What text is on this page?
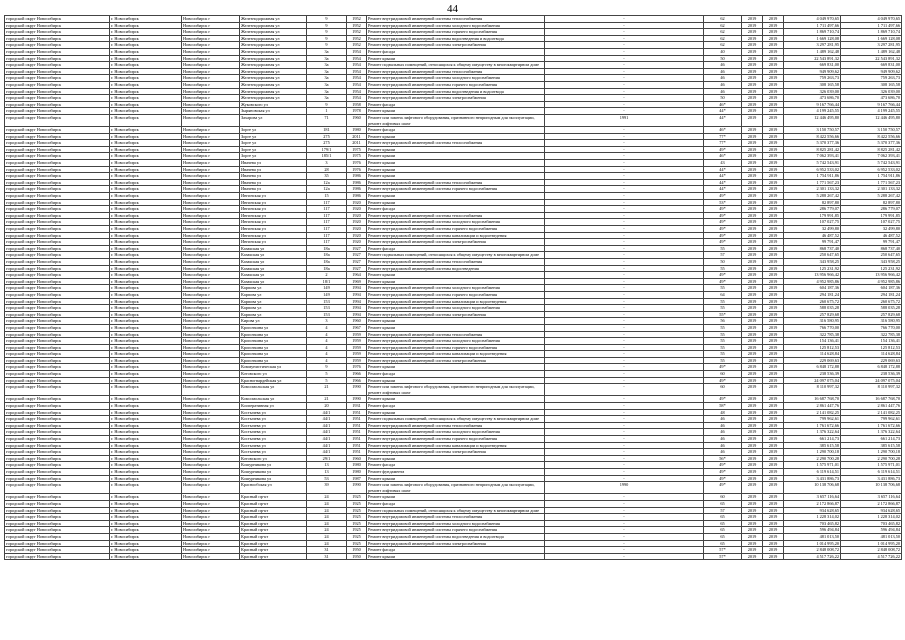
44
городской округ Новосибирск	г. Новосибирск	Новосибирск г	Железнодорожная ул	9	1952	Ремонт внутридомовой инженерной системы теплоснабжения	-	62	2019	2019	4 049 970,65	4 049 970,65
городской округ Новосибирск	г. Новосибирск	Новосибирск г	Железнодорожная ул	9	1952	Ремонт внутридомовой инженерной системы холодного водоснабжения	-	62	2019	2019	1 711 497,66	1 711 497,66
городской округ Новосибирск	г. Новосибирск	Новосибирск г	Железнодорожная ул	9	1952	Ремонт внутридомовой инженерной системы горячего водоснабжения	-	62	2019	2019	1 869 710,74	1 869 710,74
городской округ Новосибирск	г. Новосибирск	Новосибирск г	Железнодорожная ул	9	1952	Ремонт внутридомовой инженерной системы водоотведения и водоотвода	-	62	2019	2019	1 669 128,08	1 669 128,08
городской округ Новосибирск	г. Новосибирск	Новосибирск г	Железнодорожная ул	9	1952	Ремонт внутридомовой инженерной системы электроснабжения	-	62	2019	2019	3 297 281,95	3 297 281,95
городской округ Новосибирск	г. Новосибирск	Новосибирск г	Железнодорожная ул	3а	1954	Ремонт фасада	-	40	2019	2019	1 489 162,48	1 489 162,48
городской округ Новосибирск	г. Новосибирск	Новосибирск г	Железнодорожная ул	3а	1954	Ремонт крыши	-	50	2019	2019	22 543 891,32	22 543 891,32
городской округ Новосибирск	г. Новосибирск	Новосибирск г	Железнодорожная ул	3а	1954	Ремонт подвальных помещений, относящихся к общему имуществу в многоквартирном доме	-	46	2019	2019	669 831,00	669 831,00
городской округ Новосибирск	г. Новосибирск	Новосибирск г	Железнодорожная ул	3а	1954	Ремонт внутридомовой инженерной системы теплоснабжения	-	46	2019	2019	949 909,62	949 909,62
городской округ Новосибирск	г. Новосибирск	Новосибирск г	Железнодорожная ул	3а	1954	Ремонт внутридомовой инженерной системы холодного водоснабжения	-	46	2019	2019	759 263,73	759 263,73
городской округ Новосибирск	г. Новосибирск	Новосибирск г	Железнодорожная ул	3а	1954	Ремонт внутридомовой инженерной системы горячего водоснабжения	-	46	2019	2019	308 165,58	308 165,58
городской округ Новосибирск	г. Новосибирск	Новосибирск г	Железнодорожная ул	3а	1954	Ремонт внутридомовой инженерной системы водоотведения и водоотвода	-	46	2019	2019	326 039,00	326 039,00
городской округ Новосибирск	г. Новосибирск	Новосибирск г	Железнодорожная ул	3а	1954	Ремонт внутридомовой инженерной системы электроснабжения	-	50	2019	2019	473 686,70	473 686,70
городской округ Новосибирск	г. Новосибирск	Новосибирск г	Жуковского ул	9	1958	Ремонт фасада	-	46*	2019	2019	9 167 766,44	9 167 766,44
городской округ Новосибирск	г. Новосибирск	Новосибирск г	Зыряновская ул	1	1978	Ремонт крыши	-	44*	2019	2019	4 199 245,55	4 199 245,55
городской округ Новосибирск	г. Новосибирск	Новосибирск г	Захарова ул	71	1960	Ремонт или замена лифтового оборудования, признанного непригодным для эксплуатации, ремонт лифтовых шахт	1991	44*	2019	2019	12 446 495,80	12 446 495,80
городской округ Новосибирск	г. Новосибирск	Новосибирск г	Зорге ул	181	1980	Ремонт фасада	-	46*	2019	2019	3 150 750,57	3 150 750,57
городской округ Новосибирск	г. Новосибирск	Новосибирск г	Зорге ул	275	2011	Ремонт крыши	-	77*	2019	2019	8 422 556,66	8 422 556,66
городской округ Новосибирск	г. Новосибирск	Новосибирск г	Зорге ул	275	2011	Ремонт внутридомовой инженерной системы теплоснабжения	-	77*	2019	2019	5 370 377,36	5 370 377,36
городской округ Новосибирск	г. Новосибирск	Новосибирск г	Зорге ул	179/1	1975	Ремонт крыши	-	49*	2019	2019	8 825 281,42	8 825 281,42
городской округ Новосибирск	г. Новосибирск	Новосибирск г	Зорге ул	185/1	1975	Ремонт крыши	-	46*	2019	2019	7 062 393,41	7 062 393,41
городской округ Новосибирск	г. Новосибирск	Новосибирск г	Ивачева ул	3	1976	Ремонт крыши	-	43	2019	2019	5 742 543,91	5 742 543,91
городской округ Новосибирск	г. Новосибирск	Новосибирск г	Ивачева ул	28	1976	Ремонт крыши	-	44*	2019	2019	6 952 533,02	6 952 533,02
городской округ Новосибирск	г. Новосибирск	Новосибирск г	Ивачева ул	35	1986	Ремонт крыши	-	44*	2019	2019	1 754 911,86	1 754 911,86
городской округ Новосибирск	г. Новосибирск	Новосибирск г	Ивачева ул	12а	1986	Ремонт внутридомовой инженерной системы теплоснабжения	-	44*	2019	2019	1 771 567,23	1 771 567,23
городской округ Новосибирск	г. Новосибирск	Новосибирск г	Ивачева ул	12а	1986	Ремонт внутридомовой инженерной системы горячего водоснабжения	-	44*	2019	2019	2 301 133,32	2 301 133,32
городской округ Новосибирск	г. Новосибирск	Новосибирск г	Ингинская ул	15	1986	Ремонт крыши	-	49*	2019	2019	5 288 267,42	5 288 267,42
городской округ Новосибирск	г. Новосибирск	Новосибирск г	Ингинская ул	117	1920	Ремонт крыши	-	53*	2019	2019	82 897,80	82 897,80
городской округ Новосибирск	г. Новосибирск	Новосибирск г	Ингинская ул	117	1920	Ремонт фасада	-	49*	2019	2019	286 779,07	286 779,07
городской округ Новосибирск	г. Новосибирск	Новосибирск г	Ингинская ул	117	1920	Ремонт внутридомовой инженерной системы теплоснабжения	-	49*	2019	2019	179 991,85	179 991,85
городской округ Новосибирск	г. Новосибирск	Новосибирск г	Ингинская ул	117	1920	Ремонт внутридомовой инженерной системы холодного водоснабжения	-	49*	2019	2019	107 027,75	107 027,75
городской округ Новосибирск	г. Новосибирск	Новосибирск г	Ингинская ул	117	1920	Ремонт внутридомовой инженерной системы горячего водоснабжения	-	49*	2019	2019	32 499,80	32 499,80
городской округ Новосибирск	г. Новосибирск	Новосибирск г	Ингинская ул	117	1920	Ремонт внутридомовой инженерной системы канализации и водоотведения	-	49*	2019	2019	46 487,52	46 487,52
городской округ Новосибирск	г. Новосибирск	Новосибирск г	Ингинская ул	117	1920	Ремонт внутридомовой инженерной системы электроснабжения	-	49*	2019	2019	99 791,47	99 791,47
городской округ Новосибирск	г. Новосибирск	Новосибирск г	Казакская ул	18а	1927	Ремонт фасада	-	55	2019	2019	868 737,40	868 737,40
городской округ Новосибирск	г. Новосибирск	Новосибирск г	Казакская ул	18а	1927	Ремонт подвальных помещений, относящихся к общему имуществу в многоквартирном доме	-	57	2019	2019	250 647,65	250 647,65
городской округ Новосибирск	г. Новосибирск	Новосибирск г	Казакская ул	18а	1927	Ремонт внутридомовой инженерной системы теплоснабжения	-	50	2019	2019	343 958,25	343 958,25
городской округ Новосибирск	г. Новосибирск	Новосибирск г	Казакская ул	18а	1927	Ремонт внутридомовой инженерной системы водоотведения	-	55	2019	2019	125 231,92	125 231,92
городской округ Новосибирск	г. Новосибирск	Новосибирск г	Казакская ул	2	1964	Ремонт крыши	-	49*	2019	2019	13 956 966,42	13 956 966,42
городской округ Новосибирск	г. Новосибирск	Новосибирск г	Казакская ул	18/1	1969	Ремонт крыши	-	49*	2019	2019	4 952 985,86	4 952 985,86
городской округ Новосибирск	г. Новосибирск	Новосибирск г	Карпова ул	149	1994	Ремонт внутридомовой инженерной системы холодного водоснабжения	-	55	2019	2019	604 187,36	604 187,36
городской округ Новосибирск	г. Новосибирск	Новосибирск г	Карпова ул	149	1994	Ремонт внутридомовой инженерной системы горячего водоснабжения	-	64	2019	2019	294 181,24	294 181,24
городской округ Новосибирск	г. Новосибирск	Новосибирск г	Карпова ул	153	1994	Ремонт внутридомовой инженерной системы канализации и водоотведения	-	55	2019	2019	260 675,72	260 675,72
городской округ Новосибирск	г. Новосибирск	Новосибирск г	Карпова ул	153	1994	Ремонт внутридомовой инженерной системы холодного водоснабжения	-	55	2019	2019	588 035,28	588 035,28
городской округ Новосибирск	г. Новосибирск	Новосибирск г	Карпова ул	153	1994	Ремонт внутридомовой инженерной системы электроснабжения	-	55*	2019	2019	257 829,68	257 829,68
городской округ Новосибирск	г. Новосибирск	Новосибирск г	Кирова ул	3	1960	Ремонт крыши	-	56	2019	2019	316 580,95	316 580,95
городской округ Новосибирск	г. Новосибирск	Новосибирск г	Кропоткина ул	4	1967	Ремонт крыши	-	55	2019	2019	766 770,00	766 770,00
городской округ Новосибирск	г. Новосибирск	Новосибирск г	Кропоткина ул	4	1959	Ремонт внутридомовой инженерной системы теплоснабжения	-	55	2019	2019	322 785,38	322 785,38
городской округ Новосибирск	г. Новосибирск	Новосибирск г	Кропоткина ул	4	1959	Ремонт внутридомовой инженерной системы холодного водоснабжения	-	55	2019	2019	154 136,41	154 136,41
городской округ Новосибирск	г. Новосибирск	Новосибирск г	Кропоткина ул	4	1959	Ремонт внутридомовой инженерной системы горячего водоснабжения	-	55	2019	2019	125 812,53	125 812,53
городской округ Новосибирск	г. Новосибирск	Новосибирск г	Кропоткина ул	4	1959	Ремонт внутридомовой инженерной системы канализации и водоотведения	-	55	2019	2019	114 628,84	114 628,84
городской округ Новосибирск	г. Новосибирск	Новосибирск г	Кропоткина ул	4	1959	Ремонт внутридомовой инженерной системы электроснабжения	-	55	2019	2019	229 069,63	229 069,63
городской округ Новосибирск	г. Новосибирск	Новосибирск г	Коммунистическая ул	9	1976	Ремонт крыши	-	49*	2019	2019	6 848 172,88	6 848 172,88
городской округ Новосибирск	г. Новосибирск	Новосибирск г	Котовского ул	5	1966	Ремонт фасада	-	60	2019	2019	238 536,39	238 536,39
городской округ Новосибирск	г. Новосибирск	Новосибирск г	Красногвардейская ул	5	1966	Ремонт крыши	-	49*	2019	2019	24 097 075,04	24 097 075,04
городской округ Новосибирск	г. Новосибирск	Новосибирск г	Комсомольская ул	21	1990	Ремонт или замена лифтового оборудования, признанного непригодным для эксплуатации, ремонт лифтовых шахт	-	60	2019	2019	8 110 997,32	8 110 997,32
городской округ Новосибирск	г. Новосибирск	Новосибирск г	Комсомольская ул	21	1990	Ремонт крыши	-	49*	2019	2019	16 687 768,70	16 687 768,70
городской округ Новосибирск	г. Новосибирск	Новосибирск г	Кооперативная ул	20	1931	Ремонт фасада	-	58*	2019	2019	2 861 447,76	2 861 447,76
городской округ Новосибирск	г. Новосибирск	Новосибирск г	Костычева ул	44/1	1951	Ремонт крыши	-	48	2019	2019	2 141 082,25	2 141 082,25
городской округ Новосибирск	г. Новосибирск	Новосибирск г	Костычева ул	44/1	1951	Ремонт подвальных помещений, относящихся к общему имуществу в многоквартирном доме	-	46	2019	2019	799 962,61	799 962,61
городской округ Новосибирск	г. Новосибирск	Новосибирск г	Костычева ул	44/1	1951	Ремонт внутридомовой инженерной системы теплоснабжения	-	46	2019	2019	1 761 672,66	1 761 672,66
городской округ Новосибирск	г. Новосибирск	Новосибирск г	Костычева ул	44/1	1951	Ремонт внутридомовой инженерной системы холодного водоснабжения	-	46	2019	2019	1 376 322,64	1 376 322,64
городской округ Новосибирск	г. Новосибирск	Новосибирск г	Костычева ул	44/1	1951	Ремонт внутридомовой инженерной системы горячего водоснабжения	-	46	2019	2019	661 214,73	661 214,73
городской округ Новосибирск	г. Новосибирск	Новосибирск г	Костычева ул	44/1	1951	Ремонт внутридомовой инженерной системы канализации и водоотведения	-	46	2019	2019	385 615,58	385 615,58
городской округ Новосибирск	г. Новосибирск	Новосибирск г	Костычева ул	44/1	1951	Ремонт внутридомовой инженерной системы электроснабжения	-	46	2019	2019	1 290 700,18	1 290 700,18
городской округ Новосибирск	г. Новосибирск	Новосибирск г	Котовского ул	29/1	1960	Ремонт крыши	-	56*	2019	2019	2 290 700,28	2 290 700,28
городской округ Новосибирск	г. Новосибирск	Новосибирск г	Кошурникова ул	13	1980	Ремонт фасада	-	49*	2019	2019	1 575 971,01	1 575 971,01
городской округ Новосибирск	г. Новосибирск	Новосибирск г	Кошурникова ул	13	1980	Ремонт фундамента	-	49*	2019	2019	6 119 614,51	6 119 614,51
городской округ Новосибирск	г. Новосибирск	Новосибирск г	Кошурникова ул	53	1987	Ремонт крыши	-	49*	2019	2019	3 431 886,73	3 431 886,73
городской округ Новосибирск	г. Новосибирск	Новосибирск г	Краснообская ул	39	1990	Ремонт или замена лифтового оборудования, признанного непригодным для эксплуатации, ремонт лифтовых шахт	1990	49*	2019	2019	10 138 706,68	10 138 706,68
городской округ Новосибирск	г. Новосибирск	Новосибирск г	Красный пр-кт	24	1925	Ремонт крыши	-	60	2019	2019	3 657 116,64	3 657 116,64
городской округ Новосибирск	г. Новосибирск	Новосибирск г	Красный пр-кт	24	1925	Ремонт фасада	-	65	2019	2019	2 172 866,87	2 172 866,87
городской округ Новосибирск	г. Новосибирск	Новосибирск г	Красный пр-кт	24	1925	Ремонт подвальных помещений, относящихся к общему имуществу в многоквартирном доме	-	57	2019	2019	934 628,65	934 628,65
городской округ Новосибирск	г. Новосибирск	Новосибирск г	Красный пр-кт	24	1925	Ремонт внутридомовой инженерной системы теплоснабжения	-	65	2019	2019	1 228 314,02	1 228 314,02
городской округ Новосибирск	г. Новосибирск	Новосибирск г	Красный пр-кт	24	1925	Ремонт внутридомовой инженерной системы холодного водоснабжения	-	65	2019	2019	703 465,82	703 465,82
городской округ Новосибирск	г. Новосибирск	Новосибирск г	Красный пр-кт	24	1925	Ремонт внутридомовой инженерной системы горячего водоснабжения	-	65	2019	2019	596 494,84	596 494,84
городской округ Новосибирск	г. Новосибирск	Новосибирск г	Красный пр-кт	24	1925	Ремонт внутридомовой инженерной системы водоотведения и водоотвода	-	65	2019	2019	481 013,50	481 013,50
городской округ Новосибирск	г. Новосибирск	Новосибирск г	Красный пр-кт	24	1925	Ремонт внутридомовой инженерной системы электроснабжения	-	65	2019	2019	1 014 995,20	1 014 995,20
городской округ Новосибирск	г. Новосибирск	Новосибирск г	Красный пр-кт	31	1950	Ремонт фасада	-	57*	2019	2019	2 848 008,72	2 848 008,72
городской округ Новосибирск	г. Новосибирск	Новосибирск г	Красный пр-кт	31	1950	Ремонт крыши	-	57*	2019	2019	4 517 726,22	4 517 726,22
